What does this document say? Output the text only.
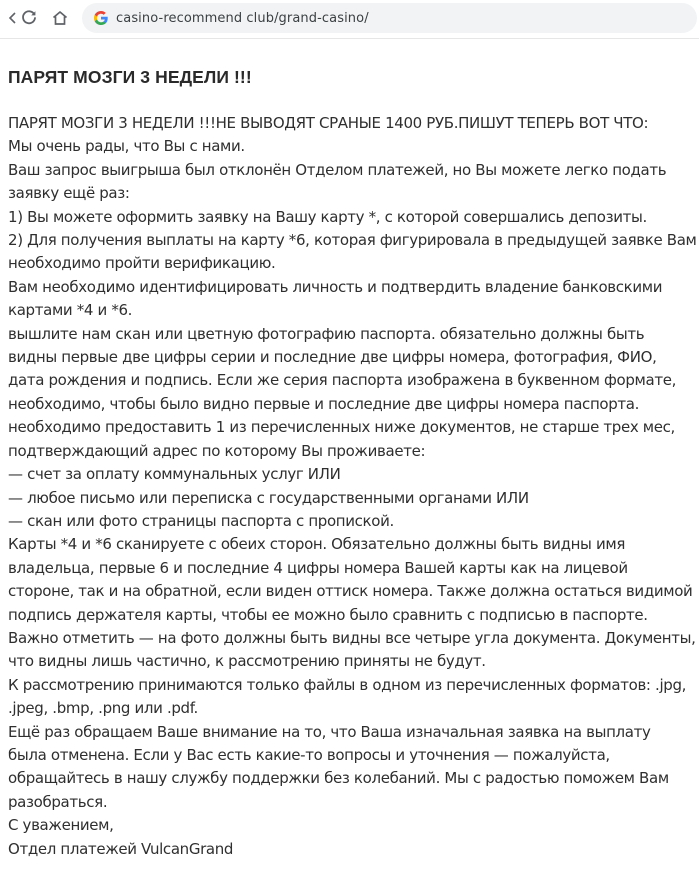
casino-recommend club/grand-casino/
ПАРЯТ МОЗГИ 3 НЕДЕЛИ !!!
ПАРЯТ МОЗГИ 3 НЕДЕЛИ !!!НЕ ВЫВОДЯТ СРАНЫЕ 1400 РУБ.ПИШУТ ТЕПЕРЬ ВОТ ЧТО:
Мы очень рады, что Вы с нами.
Ваш запрос выигрыша был отклонён Отделом платежей, но Вы можете легко подать
заявку ещё раз:
1) Вы можете оформить заявку на Вашу карту *, с которой совершались депозиты.
2) Для получения выплаты на карту *6, которая фигурировала в предыдущей заявке Вам
необходимо пройти верификацию.
Вам необходимо идентифицировать личность и подтвердить владение банковскими
картами *4 и *6.
вышлите нам скан или цветную фотографию паспорта. обязательно должны быть
видны первые две цифры серии и последние две цифры номера, фотография, ФИО,
дата рождения и подпись. Если же серия паспорта изображена в буквенном формате,
необходимо, чтобы было видно первые и последние две цифры номера паспорта.
необходимо предоставить 1 из перечисленных ниже документов, не старше трех мес,
подтверждающий адрес по которому Вы проживаете:
— счет за оплату коммунальных услуг ИЛИ
— любое письмо или переписка с государственными органами ИЛИ
— скан или фото страницы паспорта с пропиской.
Карты *4 и *6 сканируете с обеих сторон. Обязательно должны быть видны имя
владельца, первые 6 и последние 4 цифры номера Вашей карты как на лицевой
стороне, так и на обратной, если виден оттиск номера. Также должна остаться видимой
подпись держателя карты, чтобы ее можно было сравнить с подписью в паспорте.
Важно отметить — на фото должны быть видны все четыре угла документа. Документы,
что видны лишь частично, к рассмотрению приняты не будут.
К рассмотрению принимаются только файлы в одном из перечисленных форматов: .jpg,
.jpeg, .bmp, .png или .pdf.
Ещё раз обращаем Ваше внимание на то, что Ваша изначальная заявка на выплату
была отменена. Если у Вас есть какие-то вопросы и уточнения — пожалуйста,
обращайтесь в нашу службу поддержки без колебаний. Мы с радостью поможем Вам
разобраться.
С уважением,
Отдел платежей VulcanGrand
